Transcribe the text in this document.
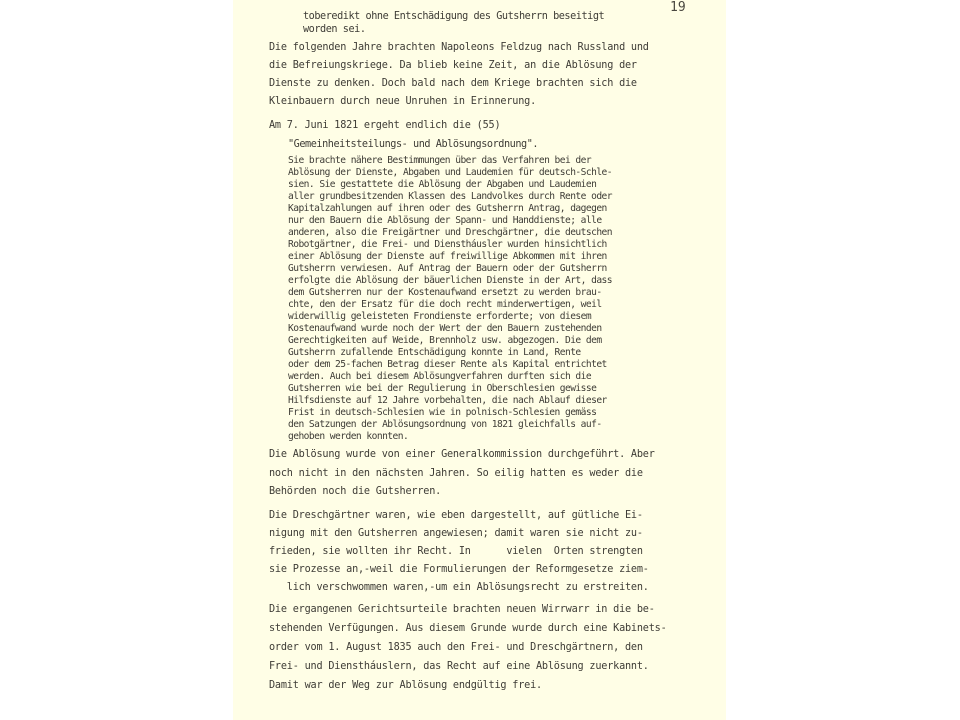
19
toberedikt ohne Entschädigung des Gutsherrn beseitigt
worden sei.
Die folgenden Jahre brachten Napoleons Feldzug nach Russland und
die Befreiungskriege. Da blieb keine Zeit, an die Ablösung der
Dienste zu denken. Doch bald nach dem Kriege brachten sich die
Kleinbauern durch neue Unruhen in Erinnerung.
Am 7. Juni 1821 ergeht endlich die (55)
"Gemeinheitsteilungs- und Ablösungsordnung".
Sie brachte nähere Bestimmungen über das Verfahren bei der
Ablösung der Dienste, Abgaben und Laudemien für deutsch-Schle-
sien. Sie gestattete die Ablösung der Abgaben und Laudemien
aller grundbesitzenden Klassen des Landvolkes durch Rente oder
Kapitalzahlungen auf ihren oder des Gutsherrn Antrag, dagegen
nur den Bauern die Ablösung der Spann- und Handdienste; alle
anderen, also die Freigärtner und Dreschgärtner, die deutschen
Robotgärtner, die Frei- und Dienstháusler wurden hinsichtlich
einer Ablösung der Dienste auf freiwillige Abkommen mit ihren
Gutsherrn verwiesen. Auf Antrag der Bauern oder der Gutsherrn
erfolgte die Ablösung der bäuerlichen Dienste in der Art, dass
dem Gutsherren nur der Kostenaufwand ersetzt zu werden brau-
chte, den der Ersatz für die doch recht minderwertigen, weil
widerwillig geleisteten Frondienste erforderte; von diesem
Kostenaufwand wurde noch der Wert der den Bauern zustehenden
Gerechtigkeiten auf Weide, Brennholz usw. abgezogen. Die dem
Gutsherrn zufallende Entschädigung konnte in Land, Rente
oder dem 25-fachen Betrag dieser Rente als Kapital entrichtet
werden. Auch bei diesem Ablösungverfahren durften sich die
Gutsherren wie bei der Regulierung in Oberschlesien gewisse
Hilfsdienste auf 12 Jahre vorbehalten, die nach Ablauf dieser
Frist in deutsch-Schlesien wie in polnisch-Schlesien gemäss
den Satzungen der Ablösungsordnung von 1821 gleichfalls auf-
gehoben werden konnten.
Die Ablösung wurde von einer Generalkommission durchgeführt. Aber
noch nicht in den nächsten Jahren. So eilig hatten es weder die
Behörden noch die Gutsherren.
Die Dreschgärtner waren, wie eben dargestellt, auf gütliche Ei-
nigung mit den Gutsherren angewiesen; damit waren sie nicht zu-
frieden, sie wollten ihr Recht. In      vielen  Orten strengten
sie Prozesse an,-weil die Formulierungen der Reformgesetze ziem-
lich verschwommen waren,-um ein Ablösungsrecht zu erstreiten.
Die ergangenen Gerichtsurteile brachten neuen Wirrwarr in die be-
stehenden Verfügungen. Aus diesem Grunde wurde durch eine Kabinets-
order vom 1. August 1835 auch den Frei- und Dreschgärtnern, den
Frei- und Dienstháuslern, das Recht auf eine Ablösung zuerkannt.
Damit war der Weg zur Ablösung endgültig frei.
